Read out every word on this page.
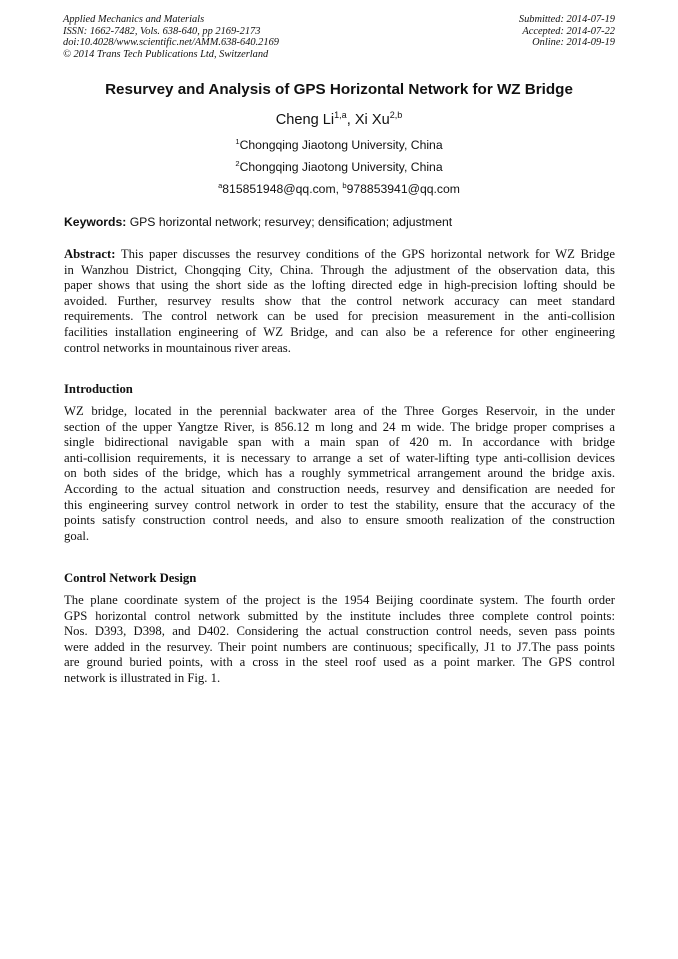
Applied Mechanics and Materials
ISSN: 1662-7482, Vols. 638-640, pp 2169-2173
doi:10.4028/www.scientific.net/AMM.638-640.2169
© 2014 Trans Tech Publications Ltd, Switzerland
Submitted: 2014-07-19
Accepted: 2014-07-22
Online: 2014-09-19
Resurvey and Analysis of GPS Horizontal Network for WZ Bridge
Cheng Li$^{1,a}$, Xi Xu$^{2,b}$
$^1$Chongqing Jiaotong University, China
$^2$Chongqing Jiaotong University, China
$^a$815851948@qq.com, $^b$978853941@qq.com
Keywords: GPS horizontal network; resurvey; densification; adjustment
Abstract: This paper discusses the resurvey conditions of the GPS horizontal network for WZ Bridge
in Wanzhou District, Chongqing City, China. Through the adjustment of the observation data, this
paper shows that using the short side as the lofting directed edge in high-precision lofting should be
avoided. Further, resurvey results show that the control network accuracy can meet standard
requirements. The control network can be used for precision measurement in the anti-collision
facilities installation engineering of WZ Bridge, and can also be a reference for other engineering
control networks in mountainous river areas.
Introduction
WZ bridge, located in the perennial backwater area of the Three Gorges Reservoir, in the under
section of the upper Yangtze River, is 856.12 m long and 24 m wide. The bridge proper comprises a
single bidirectional navigable span with a main span of 420 m. In accordance with bridge
anti-collision requirements, it is necessary to arrange a set of water-lifting type anti-collision devices
on both sides of the bridge, which has a roughly symmetrical arrangement around the bridge axis.
According to the actual situation and construction needs, resurvey and densification are needed for
this engineering survey control network in order to test the stability, ensure that the accuracy of the
points satisfy construction control needs, and also to ensure smooth realization of the construction
goal.
Control Network Design
The plane coordinate system of the project is the 1954 Beijing coordinate system. The fourth order
GPS horizontal control network submitted by the institute includes three complete control points:
Nos. D393, D398, and D402. Considering the actual construction control needs, seven pass points
were added in the resurvey. Their point numbers are continuous; specifically, J1 to J7.The pass points
are ground buried points, with a cross in the steel roof used as a point marker. The GPS control
network is illustrated in Fig. 1.
